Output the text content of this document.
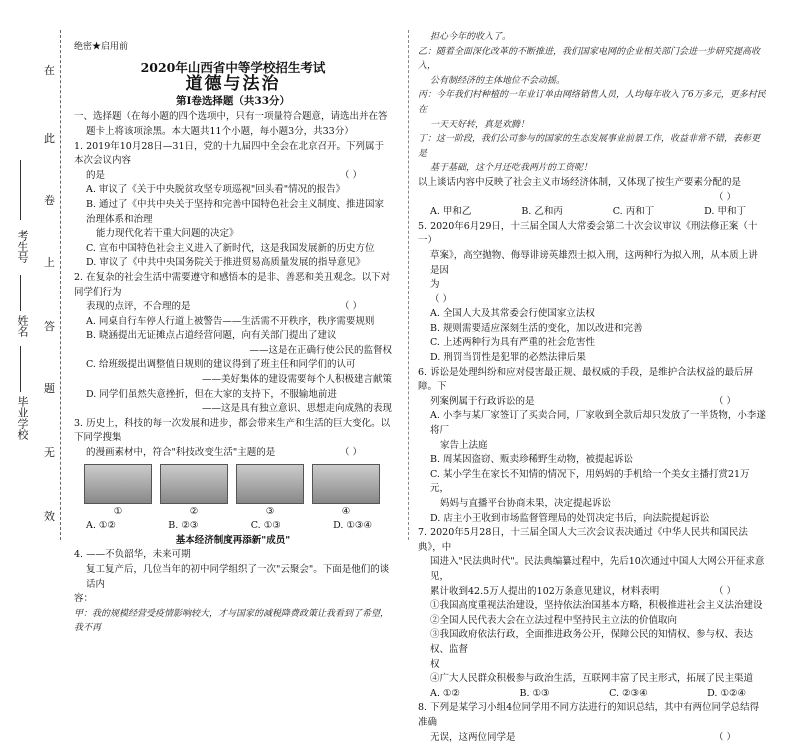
在
此
卷
上
答
题
无
效
考生号
姓名
毕业学校

绝密★启用前

2020年山西省中等学校招生考试

道德与法治

第Ⅰ卷选择题（共33分）

一、选择题（在每小题的四个选项中，只有一项量符合题意，请选出并在答

题卡上将该项涂黑。本大题共11个小题，每小题3分，共33分）

1. 2019年10月28日—31日，党的十九届四中全会在北京召开。下列属于本次会议内容

的是	（ ）

A. 审议了《关于中央脱贫攻坚专项巡视"回头看"情况的报告》

B. 通过了《中共中央关于坚持和完善中国特色社会主义制度、推进国家治理体系和治理

能力现代化若干重大问题的决定》

C. 宣布中国特色社会主义进入了新时代，这是我国发展新的历史方位

D. 审议了《中共中央国务院关于推进贸易高质量发展的指导意见》

2. 在复杂的社会生活中需要遵守和感悟本的是非、善恶和美丑观念。以下对同学们行为

表现的点评，不合理的是	（ ）

A. 同桌自行车停人行道上被警告——生活需不开秩序，秩序需要规则

B. 晓涵提出无证摊点占道经营问题，向有关部门提出了建议

——这是在正确行使公民的监督权

C. 给班级提出调整值日规则的建议得到了班主任和同学们的认可

——美好集体的建设需要每个人积极建言献策

D. 同学们虽然失意挫折，但在大家的支持下，不服输地前进

——这是具有独立意识、思想走向成熟的表现

3. 历史上，科技的每一次发展和进步，都会带来生产和生活的巨大变化。以下同学搜集

的漫画素材中，符合"科技改变生活"主题的是	（ ）

①	②	③	④
A. ①②	B. ②③	C. ①③	D. ①③④

基本经济制度再添新"成员"

4. ——不负韶华，未来可期

复工复产后，几位当年的初中同学组织了一次"云聚会"。下面是他们的谈话内

容：

甲：我的规模经营受疫情影响较大，才与国家的减税降费政策让我看到了希望，我不再

担心今年的收入了。

乙：随着全面深化改革的不断推进，我们国家电网的企业相关部门会进一步研究提高收入，

公有制经济的主体地位不会动摇。

丙：今年我们村种植的一年业订单由网络销售人员，人均每年收入了6万多元，更多村民在

一天天好转，真是欢腾！

丁：这一阶段，我们公司参与的国家的生态发展事业前景工作，收益非常不错，表彰更是

基于基础，这个月还吃我两片的工资呢！

以上谈话内容中反映了社会主义市场经济体制，又体现了按生产要素分配的是

（ ）

A. 甲和乙	B. 乙和丙	C. 丙和丁	D. 甲和丁

5. 2020年6月29日，十三届全国人大常委会第二十次会议审议《刑法修正案（十一）

草案》，高空抛物、侮辱诽谤英雄烈士拟入刑，这两种行为拟入刑，从本质上讲是因

为

（ ）

A. 全国人大及其常委会行使国家立法权

B. 规则需要适应深刻生活的变化，加以改进和完善

C. 上述两种行为具有严重的社会危害性

D. 刑罚当罚性是犯罪的必然法律后果

6. 诉讼是处理纠纷和应对侵害最正规、最权威的手段，是维护合法权益的最后屏障。下

列案例属于行政诉讼的是	（ ）

A. 小李与某厂家签订了买卖合同，厂家收到全款后却只发放了一半货物，小李遂将厂

家告上法庭

B. 周某因盗窃、贩卖珍稀野生动物，被提起诉讼

C. 某小学生在家长不知情的情况下，用妈妈的手机给一个美女主播打赏21万元，

妈妈与直播平台协商未果，决定提起诉讼

D. 店主小王收到市场监督管理局的处罚决定书后，向法院提起诉讼

7. 2020年5月28日，十三届全国人大三次会议表决通过《中华人民共和国民法典》，中

国进入"民法典时代"。民法典编纂过程中，先后10次通过中国人大网公开征求意见，

累计收到42.5万人提出的102万条意见建议，材料表明	（ ）

①我国高度重视法治建设，坚持依法治国基本方略，积极推进社会主义法治建设

②全国人民代表大会在立法过程中坚持民主立法的价值取向

③我国政府依法行政，全面推进政务公开，保障公民的知情权、参与权、表达权、监督

权

④广大人民群众积极参与政治生活，互联网丰富了民主形式，拓展了民主渠道

A. ①②	B. ①③	C. ②③④	D. ①②④

8. 下列是某学习小组4位同学用不同方法进行的知识总结，其中有两位同学总结得准确

无误，这两位同学是	（ ）
